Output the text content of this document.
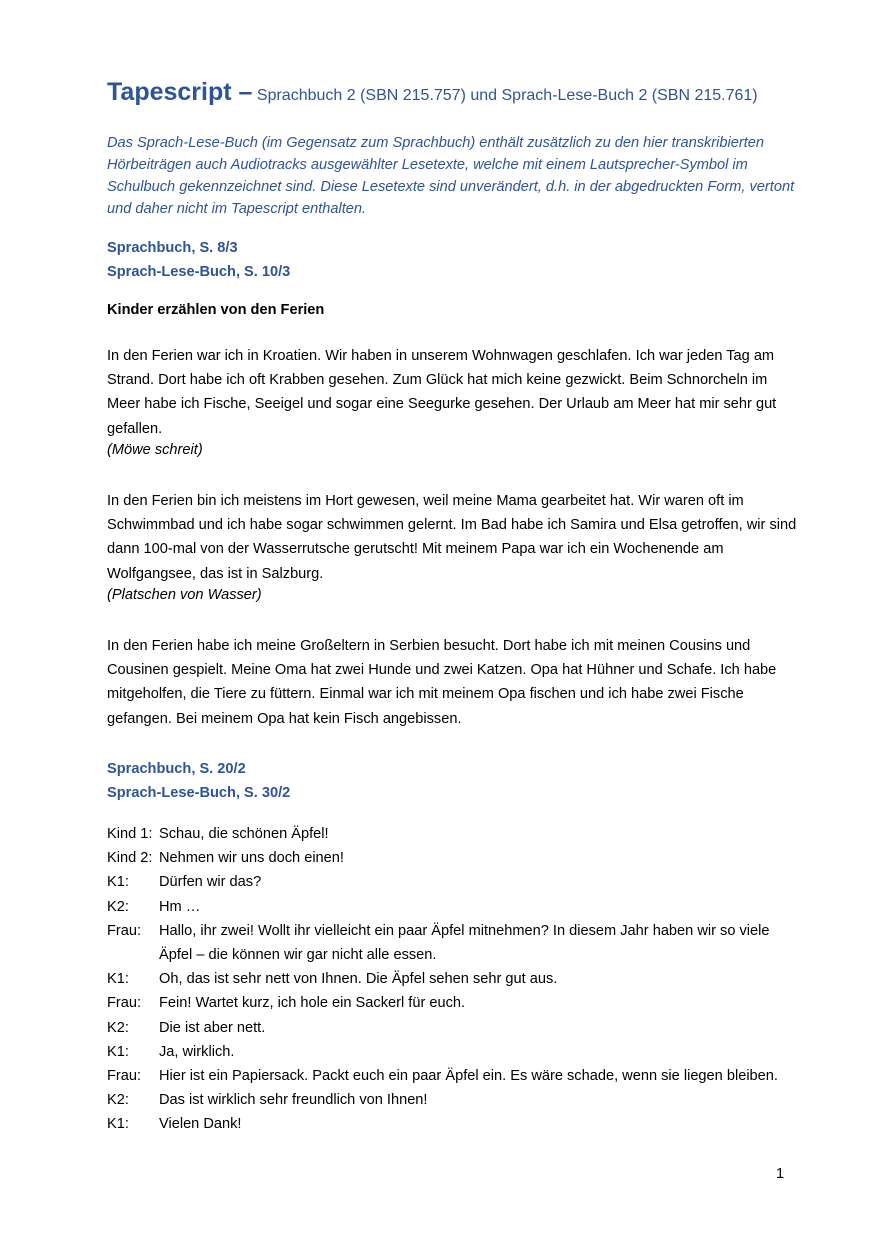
Tapescript – Sprachbuch 2 (SBN 215.757) und Sprach-Lese-Buch 2 (SBN 215.761)

Das Sprach-Lese-Buch (im Gegensatz zum Sprachbuch) enthält zusätzlich zu den hier transkribierten Hörbeiträgen auch Audiotracks ausgewählter Lesetexte, welche mit einem Lautsprecher-Symbol im Schulbuch gekennzeichnet sind. Diese Lesetexte sind unverändert, d.h. in der abgedruckten Form, vertont und daher nicht im Tapescript enthalten.

Sprachbuch, S. 8/3

Sprach-Lese-Buch, S. 10/3

Kinder erzählen von den Ferien

In den Ferien war ich in Kroatien. Wir haben in unserem Wohnwagen geschlafen. Ich war jeden Tag am Strand. Dort habe ich oft Krabben gesehen. Zum Glück hat mich keine gezwickt. Beim Schnorcheln im Meer habe ich Fische, Seeigel und sogar eine Seegurke gesehen. Der Urlaub am Meer hat mir sehr gut gefallen.

(Möwe schreit)

In den Ferien bin ich meistens im Hort gewesen, weil meine Mama gearbeitet hat. Wir waren oft im Schwimmbad und ich habe sogar schwimmen gelernt. Im Bad habe ich Samira und Elsa getroffen, wir sind dann 100-mal von der Wasserrutsche gerutscht! Mit meinem Papa war ich ein Wochenende am Wolfgangsee, das ist in Salzburg.

(Platschen von Wasser)

In den Ferien habe ich meine Großeltern in Serbien besucht. Dort habe ich mit meinen Cousins und Cousinen gespielt. Meine Oma hat zwei Hunde und zwei Katzen. Opa hat Hühner und Schafe. Ich habe mitgeholfen, die Tiere zu füttern. Einmal war ich mit meinem Opa fischen und ich habe zwei Fische gefangen. Bei meinem Opa hat kein Fisch angebissen.

Sprachbuch, S. 20/2

Sprach-Lese-Buch, S. 30/2

Kind 1: Schau, die schönen Äpfel!
Kind 2: Nehmen wir uns doch einen!
K1:	Dürfen wir das?
K2:	Hm …
Frau:	Hallo, ihr zwei! Wollt ihr vielleicht ein paar Äpfel mitnehmen? In diesem Jahr haben wir so viele Äpfel – die können wir gar nicht alle essen.
K1:	Oh, das ist sehr nett von Ihnen. Die Äpfel sehen sehr gut aus.
Frau:	Fein! Wartet kurz, ich hole ein Sackerl für euch.
K2:	Die ist aber nett.
K1:	Ja, wirklich.
Frau:	Hier ist ein Papiersack. Packt euch ein paar Äpfel ein. Es wäre schade, wenn sie liegen bleiben.
K2:	Das ist wirklich sehr freundlich von Ihnen!
K1:	Vielen Dank!

1
